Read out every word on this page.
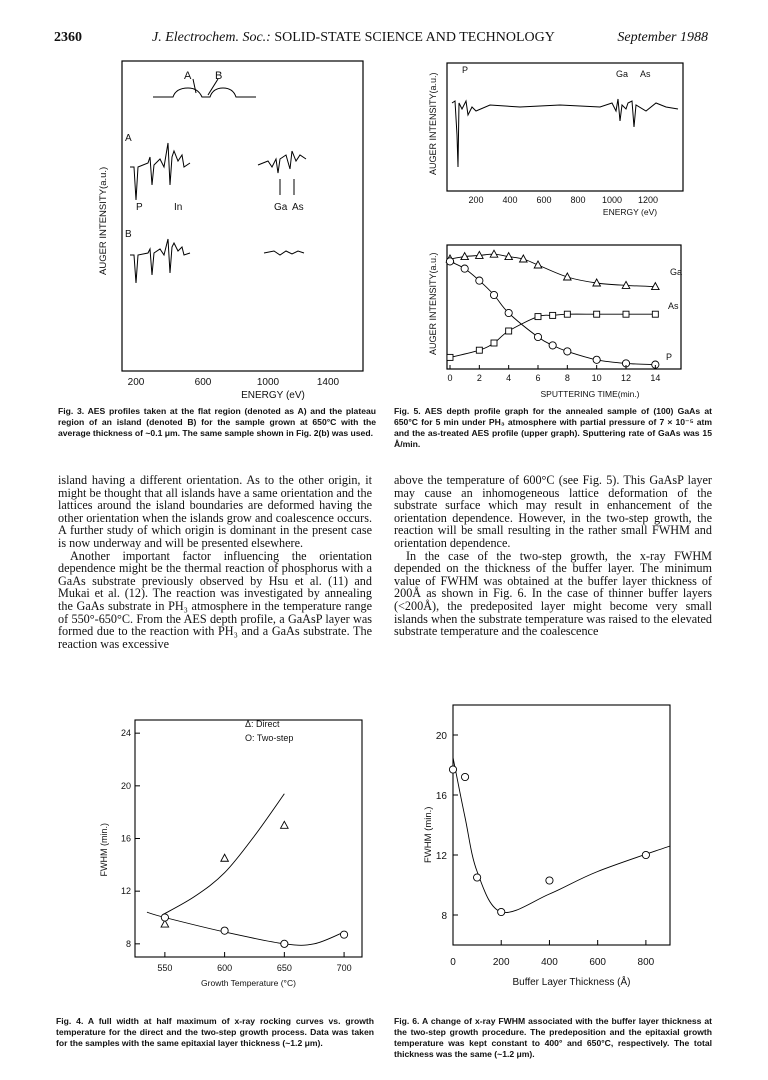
2360	J. Electrochem. Soc.: SOLID-STATE SCIENCE AND TECHNOLOGY	September 1988
A B
A
P	In	Ga As
B
AUGER INTENSITY(a.u.)
200	600	1000	1400
ENERGY (eV)
Fig. 3. AES profiles taken at the flat region (denoted as A) and the plateau region of an island (denoted B) for the sample grown at 650°C with the average thickness of ~0.1 μm. The same sample shown in Fig. 2(b) was used.
AUGER INTENSITY(a.u.)
P	Ga As
200 400 600 800 1000 1200
ENERGY (eV)
AUGER INTENSITY(a.u.)	Ga
As
P
0	2	4	6	8 10 12 14
SPUTTERING TIME(min.)
Fig. 5. AES depth profile graph for the annealed sample of (100) GaAs at 650°C for 5 min under PH₃ atmosphere with partial pressure of 7 × 10⁻⁵ atm and the as-treated AES profile (upper graph). Sputtering rate of GaAs was 15 Å/min.

island having a different orientation. As to the other origin, it might be thought that all islands have a same orientation and the lattices around the island boundaries are deformed having the other orientation when the islands grow and coalescence occurs. A further study of which origin is dominant in the present case is now underway and will be presented elsewhere.

Another important factor influencing the orientation dependence might be the thermal reaction of phosphorus with a GaAs substrate previously observed by Hsu et al. (11) and Mukai et al. (12). The reaction was investigated by annealing the GaAs substrate in PH₃ atmosphere in the temperature range of 550°-650°C. From the AES depth profile, a GaAsP layer was formed due to the reaction with PH₃ and a GaAs substrate. The reaction was excessive

above the temperature of 600°C (see Fig. 5). This GaAsP layer may cause an inhomogeneous lattice deformation of the substrate surface which may result in enhancement of the orientation dependence. However, in the two-step growth, the reaction will be small resulting in the rather small FWHM and orientation dependence.

In the case of the two-step growth, the x-ray FWHM depended on the thickness of the buffer layer. The minimum value of FWHM was obtained at the buffer layer thickness of 200Å as shown in Fig. 6. In the case of thinner buffer layers (<200Å), the predeposited layer might become very small islands when the substrate temperature was raised to the elevated substrate temperature and the coalescence

8
12
16
20
24
550	600	650	700
Growth Temperature (°C)
FWHM (min.)
Δ: Direct
O: Two-step
Fig. 4. A full width at half maximum of x-ray rocking curves vs. growth temperature for the direct and the two-step growth process. Data was taken for the samples with the same epitaxial layer thickness (~1.2 μm).
8
12
16
20
0	200	400	600	800
Buffer Layer Thickness (Å)
FWHM (min.)
Fig. 6. A change of x-ray FWHM associated with the buffer layer thickness at the two-step growth procedure. The predeposition and the epitaxial growth temperature was kept constant to 400° and 650°C, respectively. The total thickness was the same (~1.2 μm).
